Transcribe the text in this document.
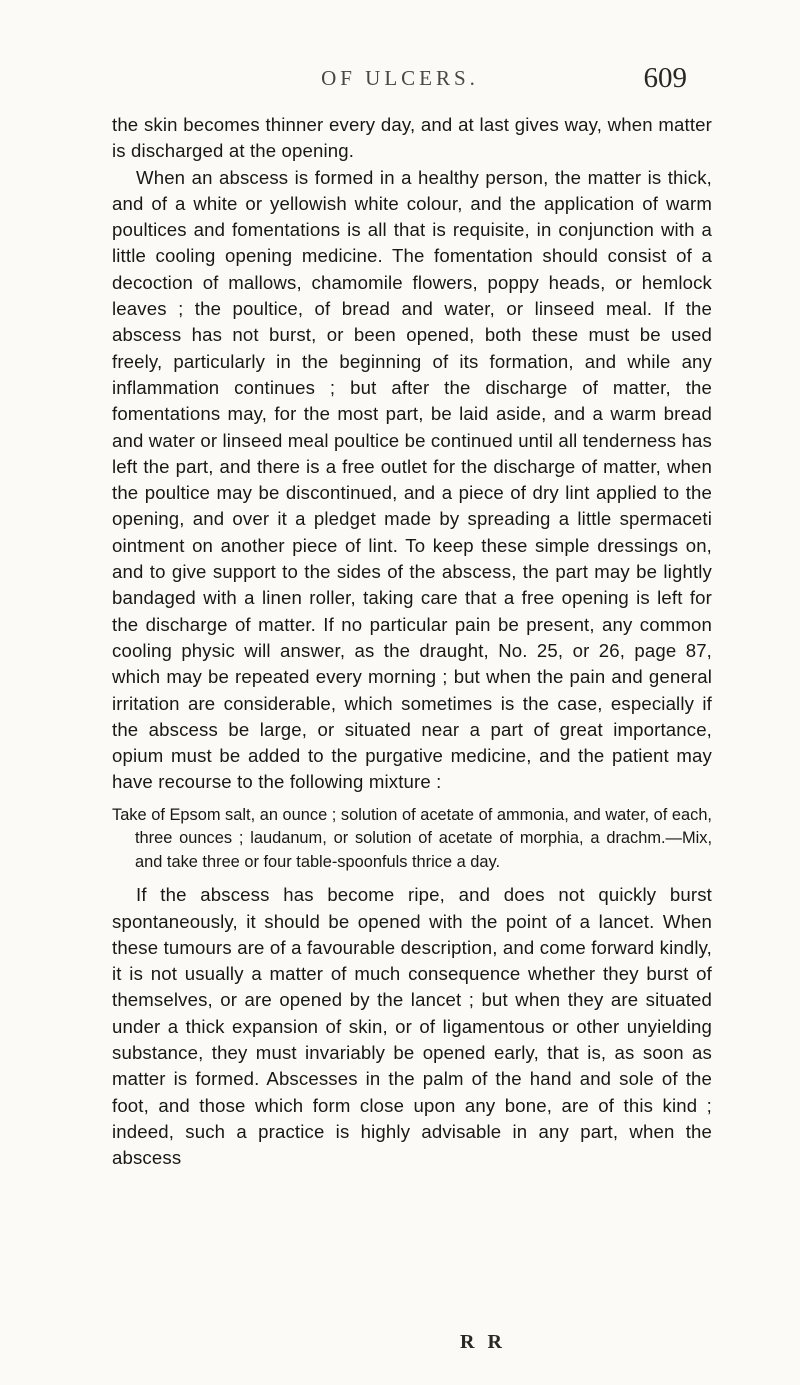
OF ULCERS.	609

the skin becomes thinner every day, and at last gives way, when matter is discharged at the opening.

When an abscess is formed in a healthy person, the matter is thick, and of a white or yellowish white colour, and the application of warm poultices and fomentations is all that is requisite, in conjunction with a little cooling opening medicine. The fomentation should consist of a decoction of mallows, chamomile flowers, poppy heads, or hemlock leaves ; the poultice, of bread and water, or linseed meal. If the abscess has not burst, or been opened, both these must be used freely, particularly in the beginning of its formation, and while any inflammation continues ; but after the discharge of matter, the fomentations may, for the most part, be laid aside, and a warm bread and water or linseed meal poultice be continued until all tenderness has left the part, and there is a free outlet for the discharge of matter, when the poultice may be discontinued, and a piece of dry lint applied to the opening, and over it a pledget made by spreading a little spermaceti ointment on another piece of lint. To keep these simple dressings on, and to give support to the sides of the abscess, the part may be lightly bandaged with a linen roller, taking care that a free opening is left for the discharge of matter. If no particular pain be present, any common cooling physic will answer, as the draught, No. 25, or 26, page 87, which may be repeated every morning ; but when the pain and general irritation are considerable, which sometimes is the case, especially if the abscess be large, or situated near a part of great importance, opium must be added to the purgative medicine, and the patient may have recourse to the following mixture :

Take of Epsom salt, an ounce ; solution of acetate of ammonia, and water, of each, three ounces ; laudanum, or solution of acetate of morphia, a drachm.—Mix, and take three or four table-spoonfuls thrice a day.

If the abscess has become ripe, and does not quickly burst spontaneously, it should be opened with the point of a lancet. When these tumours are of a favourable description, and come forward kindly, it is not usually a matter of much consequence whether they burst of themselves, or are opened by the lancet ; but when they are situated under a thick expansion of skin, or of ligamentous or other unyielding substance, they must invariably be opened early, that is, as soon as matter is formed. Abscesses in the palm of the hand and sole of the foot, and those which form close upon any bone, are of this kind ; indeed, such a practice is highly advisable in any part, when the abscess

R R
